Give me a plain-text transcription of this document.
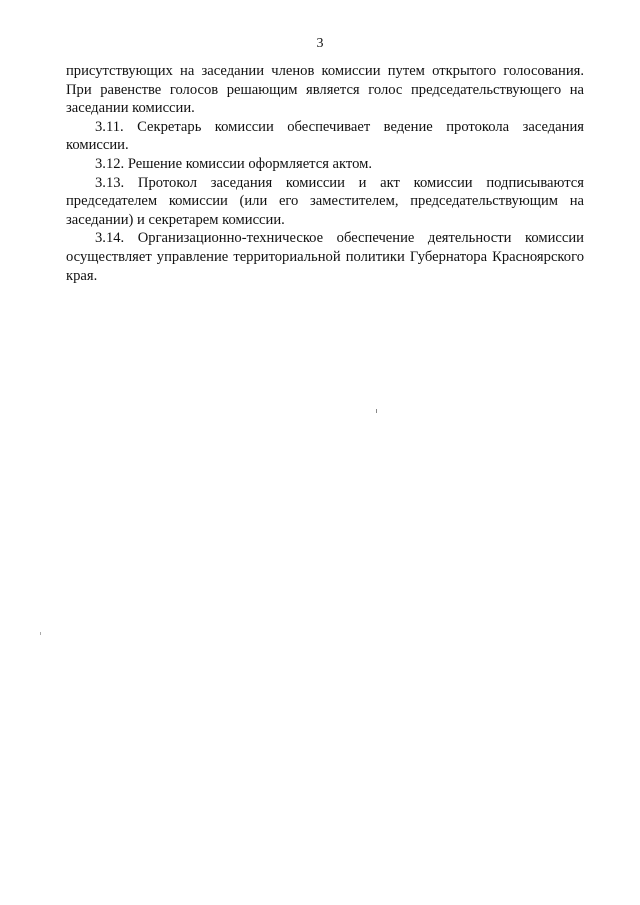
3

присутствующих на заседании членов комиссии путем открытого голосования. При равенстве голосов решающим является голос председательствующего на заседании комиссии.

3.11. Секретарь комиссии обеспечивает ведение протокола заседания комиссии.

3.12. Решение комиссии оформляется актом.

3.13. Протокол заседания комиссии и акт комиссии подписываются председателем комиссии (или его заместителем, председательствующим на заседании) и секретарем комиссии.

3.14. Организационно-техническое обеспечение деятельности комиссии осуществляет управление территориальной политики Губернатора Красноярского края.
